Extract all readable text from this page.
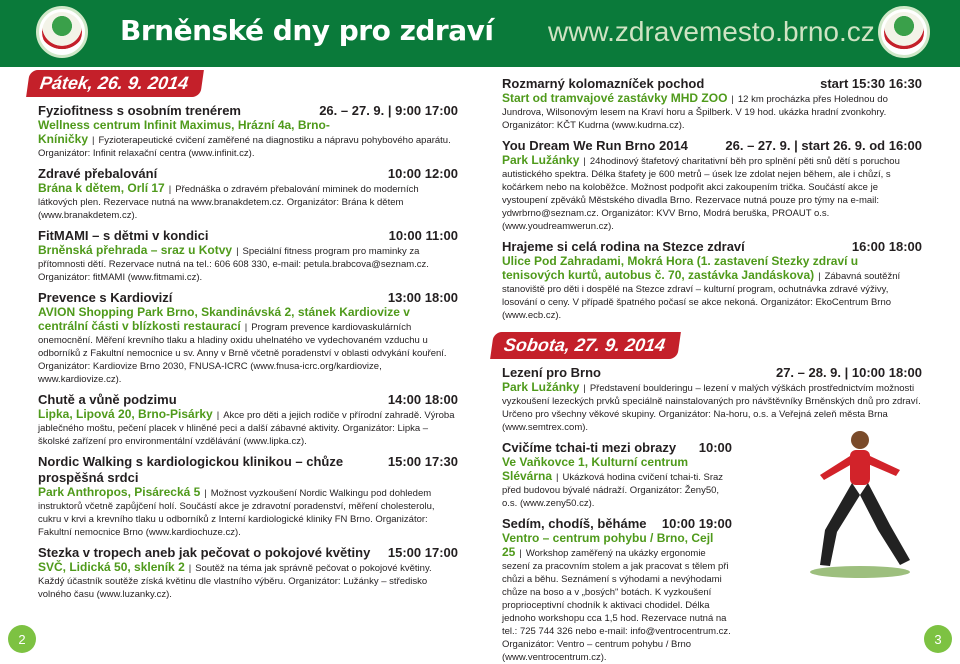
Brněnské dny pro zdraví www.zdravemesto.brno.cz
Pátek, 26. 9. 2014
Fyziofitness s osobním trenérem	26. – 27. 9. | 9:00 17:00
Wellness centrum Infinit Maximus, Hrázní 4a, Brno-Kníničky | Fyzioterapeutické cvičení zaměřené na diagnostiku a nápravu pohybového aparátu. Organizátor: Infinit relaxační centra (www.infinit.cz).
Zdravé přebalování	10:00 12:00
Brána k dětem, Orlí 17 | Přednáška o zdravém přebalování miminek do moderních látkových plen. Rezervace nutná na www.branakdetem.cz. Organizátor: Brána k dětem (www.branakdetem.cz).
FitMAMI – s dětmi v kondici	10:00 11:00
Brněnská přehrada – sraz u Kotvy | Speciální fitness program pro maminky za přítomnosti dětí. Rezervace nutná na tel.: 606 608 330, e-mail: petula.brabcova@seznam.cz. Organizátor: fitMAMI (www.fitmami.cz).
Prevence s Kardiovizí	13:00 18:00
AVION Shopping Park Brno, Skandinávská 2, stánek Kardiovize v centrální části v blízkosti restaurací | Program prevence kardiovaskulárních onemocnění. Měření krevního tlaku a hladiny oxidu uhelnatého ve vydechovaném vzduchu u odborníků z Fakultní nemocnice u sv. Anny v Brně včetně poradenství v oblasti odvykání kouření. Organizátor: Kardiovize Brno 2030, FNUSA-ICRC (www.fnusa-icrc.org/kardiovize, www.kardiovize.cz).
Chutě a vůně podzimu	14:00 18:00
Lipka, Lipová 20, Brno-Pisárky | Akce pro děti a jejich rodiče v přírodní zahradě. Výroba jablečného moštu, pečení placek v hliněné peci a další zábavné aktivity. Organizátor: Lipka – školské zařízení pro environmentální vzdělávání (www.lipka.cz).
Nordic Walking s kardiologickou klinikou – chůze prospěšná srdci
15:00 17:30
Park Anthropos, Pisárecká 5 | Možnost vyzkoušení Nordic Walkingu pod dohledem instruktorů včetně zapůjčení holí. Součástí akce je zdravotní poradenství, měření cholesterolu, cukru v krvi a krevního tlaku u odborníků z Interní kardiologické kliniky FN Brno. Organizátor: Fakultní nemocnice Brno (www.kardiochuze.cz).
Stezka v tropech aneb jak pečovat o pokojové květiny 15:00 17:00
SVČ, Lidická 50, skleník 2 | Soutěž na téma jak správně pečovat o pokojové květiny. Každý účastník soutěže získá květinu dle vlastního výběru. Organizátor: Lužánky – středisko volného času (www.luzanky.cz).
Rozmarný kolomazníček pochod	start 15:30 16:30
Start od tramvajové zastávky MHD ZOO | 12 km procházka přes Holednou do Jundrova, Wilsonovým lesem na Kraví horu a Špilberk. V 19 hod. ukázka hradní zvonkohry. Organizátor: KČT Kudrna (www.kudrna.cz).
You Dream We Run Brno 2014	26. – 27. 9. | start 26. 9. od 16:00
Park Lužánky | 24hodinový štafetový charitativní běh pro splnění pěti snů dětí s poruchou autistického spektra. Délka štafety je 600 metrů – úsek lze zdolat nejen během, ale i chůzí, s kočárkem nebo na koloběžce. Možnost podpořit akci zakoupením trička. Součástí akce je vystoupení zpěváků Městského divadla Brno. Rezervace nutná pouze pro týmy na e-mail: ydwrbrno@seznam.cz. Organizátor: KVV Brno, Modrá beruška, PROAUT o.s. (www.youdreamwerun.cz).
Hrajeme si celá rodina na Stezce zdraví	16:00 18:00
Ulice Pod Zahradami, Mokrá Hora (1. zastavení Stezky zdraví u tenisových kurtů, autobus č. 70, zastávka Jandáskova) | Zábavná soutěžní stanoviště pro děti i dospělé na Stezce zdraví – kulturní program, ochutnávka zdravé výživy, losování o ceny. V případě špatného počasí se akce nekoná. Organizátor: EkoCentrum Brno (www.ecb.cz).
Sobota, 27. 9. 2014
Lezení pro Brno	27. – 28. 9. | 10:00 18:00
Park Lužánky | Představení boulderingu – lezení v malých výškách prostřednictvím možnosti vyzkoušení lezeckých prvků speciálně nainstalovaných pro návštěvníky Brněnských dnů pro zdraví. Určeno pro všechny věkové skupiny. Organizátor: Na-horu, o.s. a Veřejná zeleň města Brna (www.semtrex.com).
Cvičíme tchai-ti mezi obrazy 10:00
Ve Vaňkovce 1, Kulturní centrum Slévárna | Ukázková hodina cvičení tchai-ti. Sraz před budovou bývalé nádraží. Organizátor: Ženy50, o.s. (www.zeny50.cz).
Sedím, chodíš, běháme 10:00 19:00
Ventro – centrum pohybu / Brno, Cejl 25 | Workshop zaměřený na ukázky ergonomie sezení za pracovním stolem a jak pracovat s tělem při chůzi a běhu. Seznámení s výhodami a nevýhodami chůze na boso a v „bosých" botách. K vyzkoušení proprioceptivní chodník k aktivaci chodidel. Délka jednoho workshopu cca 1,5 hod. Rezervace nutná na tel.: 725 744 326 nebo e-mail: info@ventrocentrum.cz. Organizátor: Ventro – centrum pohybu / Brno (www.ventrocentrum.cz).
2	3
